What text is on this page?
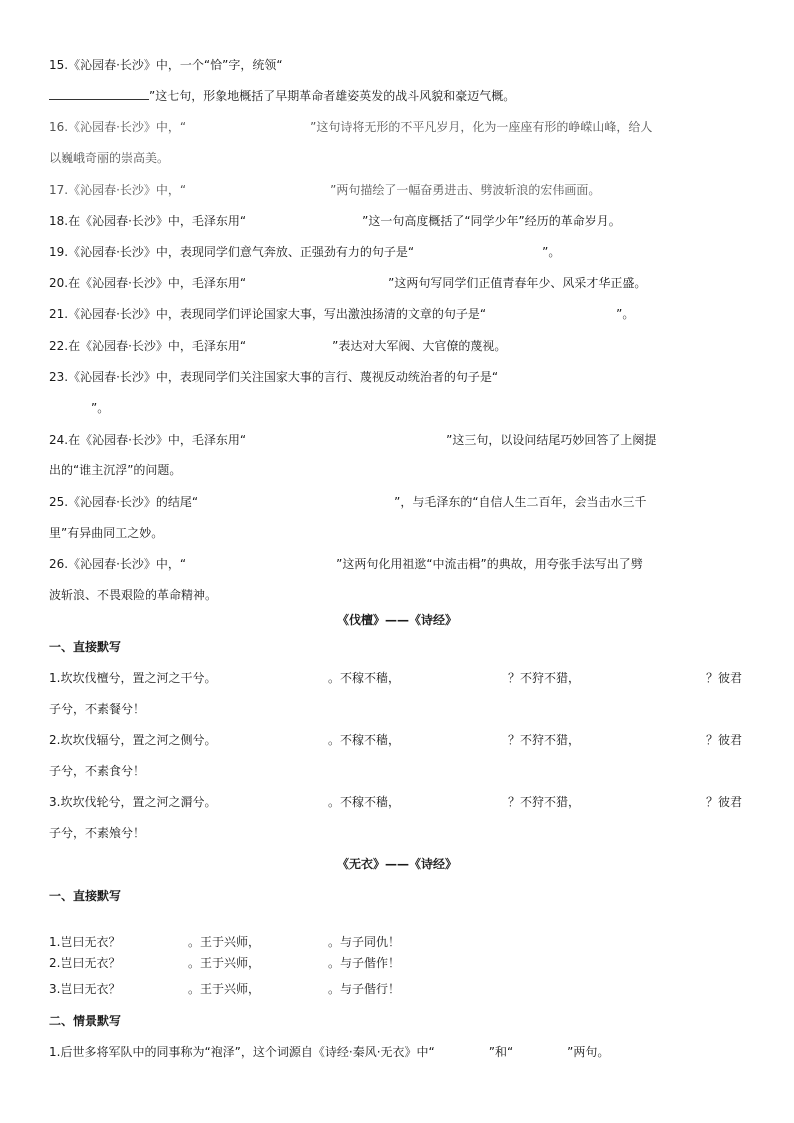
15.《沁园春·长沙》中，一个“恰”字，统领“
”这七句，形象地概括了早期革命者雄姿英发的战斗风貌和豪迈气概。
16.《沁园春·长沙》中，“	”这句诗将无形的不平凡岁月，化为一座座有形的峥嵘山峰，给人
以巍峨奇丽的崇高美。
17.《沁园春·长沙》中，“	”两句描绘了一幅奋勇进击、劈波斩浪的宏伟画面。
18.在《沁园春·长沙》中，毛泽东用“	”这一句高度概括了“同学少年”经历的革命岁月。
19.《沁园春·长沙》中，表现同学们意气奔放、正强劲有力的句子是“	”。
20.在《沁园春·长沙》中，毛泽东用“	”这两句写同学们正值青春年少、风采才华正盛。
21.《沁园春·长沙》中，表现同学们评论国家大事，写出激浊扬清的文章的句子是“	”。
22.在《沁园春·长沙》中，毛泽东用“	”表达对大军阀、大官僚的蔑视。
23.《沁园春·长沙》中，表现同学们关注国家大事的言行、蔑视反动统治者的句子是“
”。
24.在《沁园春·长沙》中，毛泽东用“	”这三句，以设问结尾巧妙回答了上阕提
出的“谁主沉浮”的问题。
25.《沁园春·长沙》的结尾“	”，与毛泽东的“自信人生二百年，会当击水三千
里”有异曲同工之妙。
26.《沁园春·长沙》中，“	”这两句化用祖逖“中流击楫”的典故，用夸张手法写出了劈
波斩浪、不畏艰险的革命精神。
《伐檀》——《诗经》
一、直接默写
1.坎坎伐檀兮，置之河之干兮。	。不稼不穑，	？不狩不猎，	？彼君
子兮，不素餐兮！
2.坎坎伐辐兮，置之河之侧兮。	。不稼不穑，	？不狩不猎，	？彼君
子兮，不素食兮！
3.坎坎伐轮兮，置之河之漘兮。	。不稼不穑，	？不狩不猎，	？彼君
子兮，不素飧兮！
《无衣》——《诗经》
一、直接默写
1.岂曰无衣？	。王于兴师，	。与子同仇！
2.岂曰无衣？	。王于兴师，	。与子偕作！
3.岂曰无衣？	。王于兴师，	。与子偕行！
二、情景默写
1.后世多将军队中的同事称为“袍泽”，这个词源自《诗经·秦风·无衣》中“	”和“	”两句。
